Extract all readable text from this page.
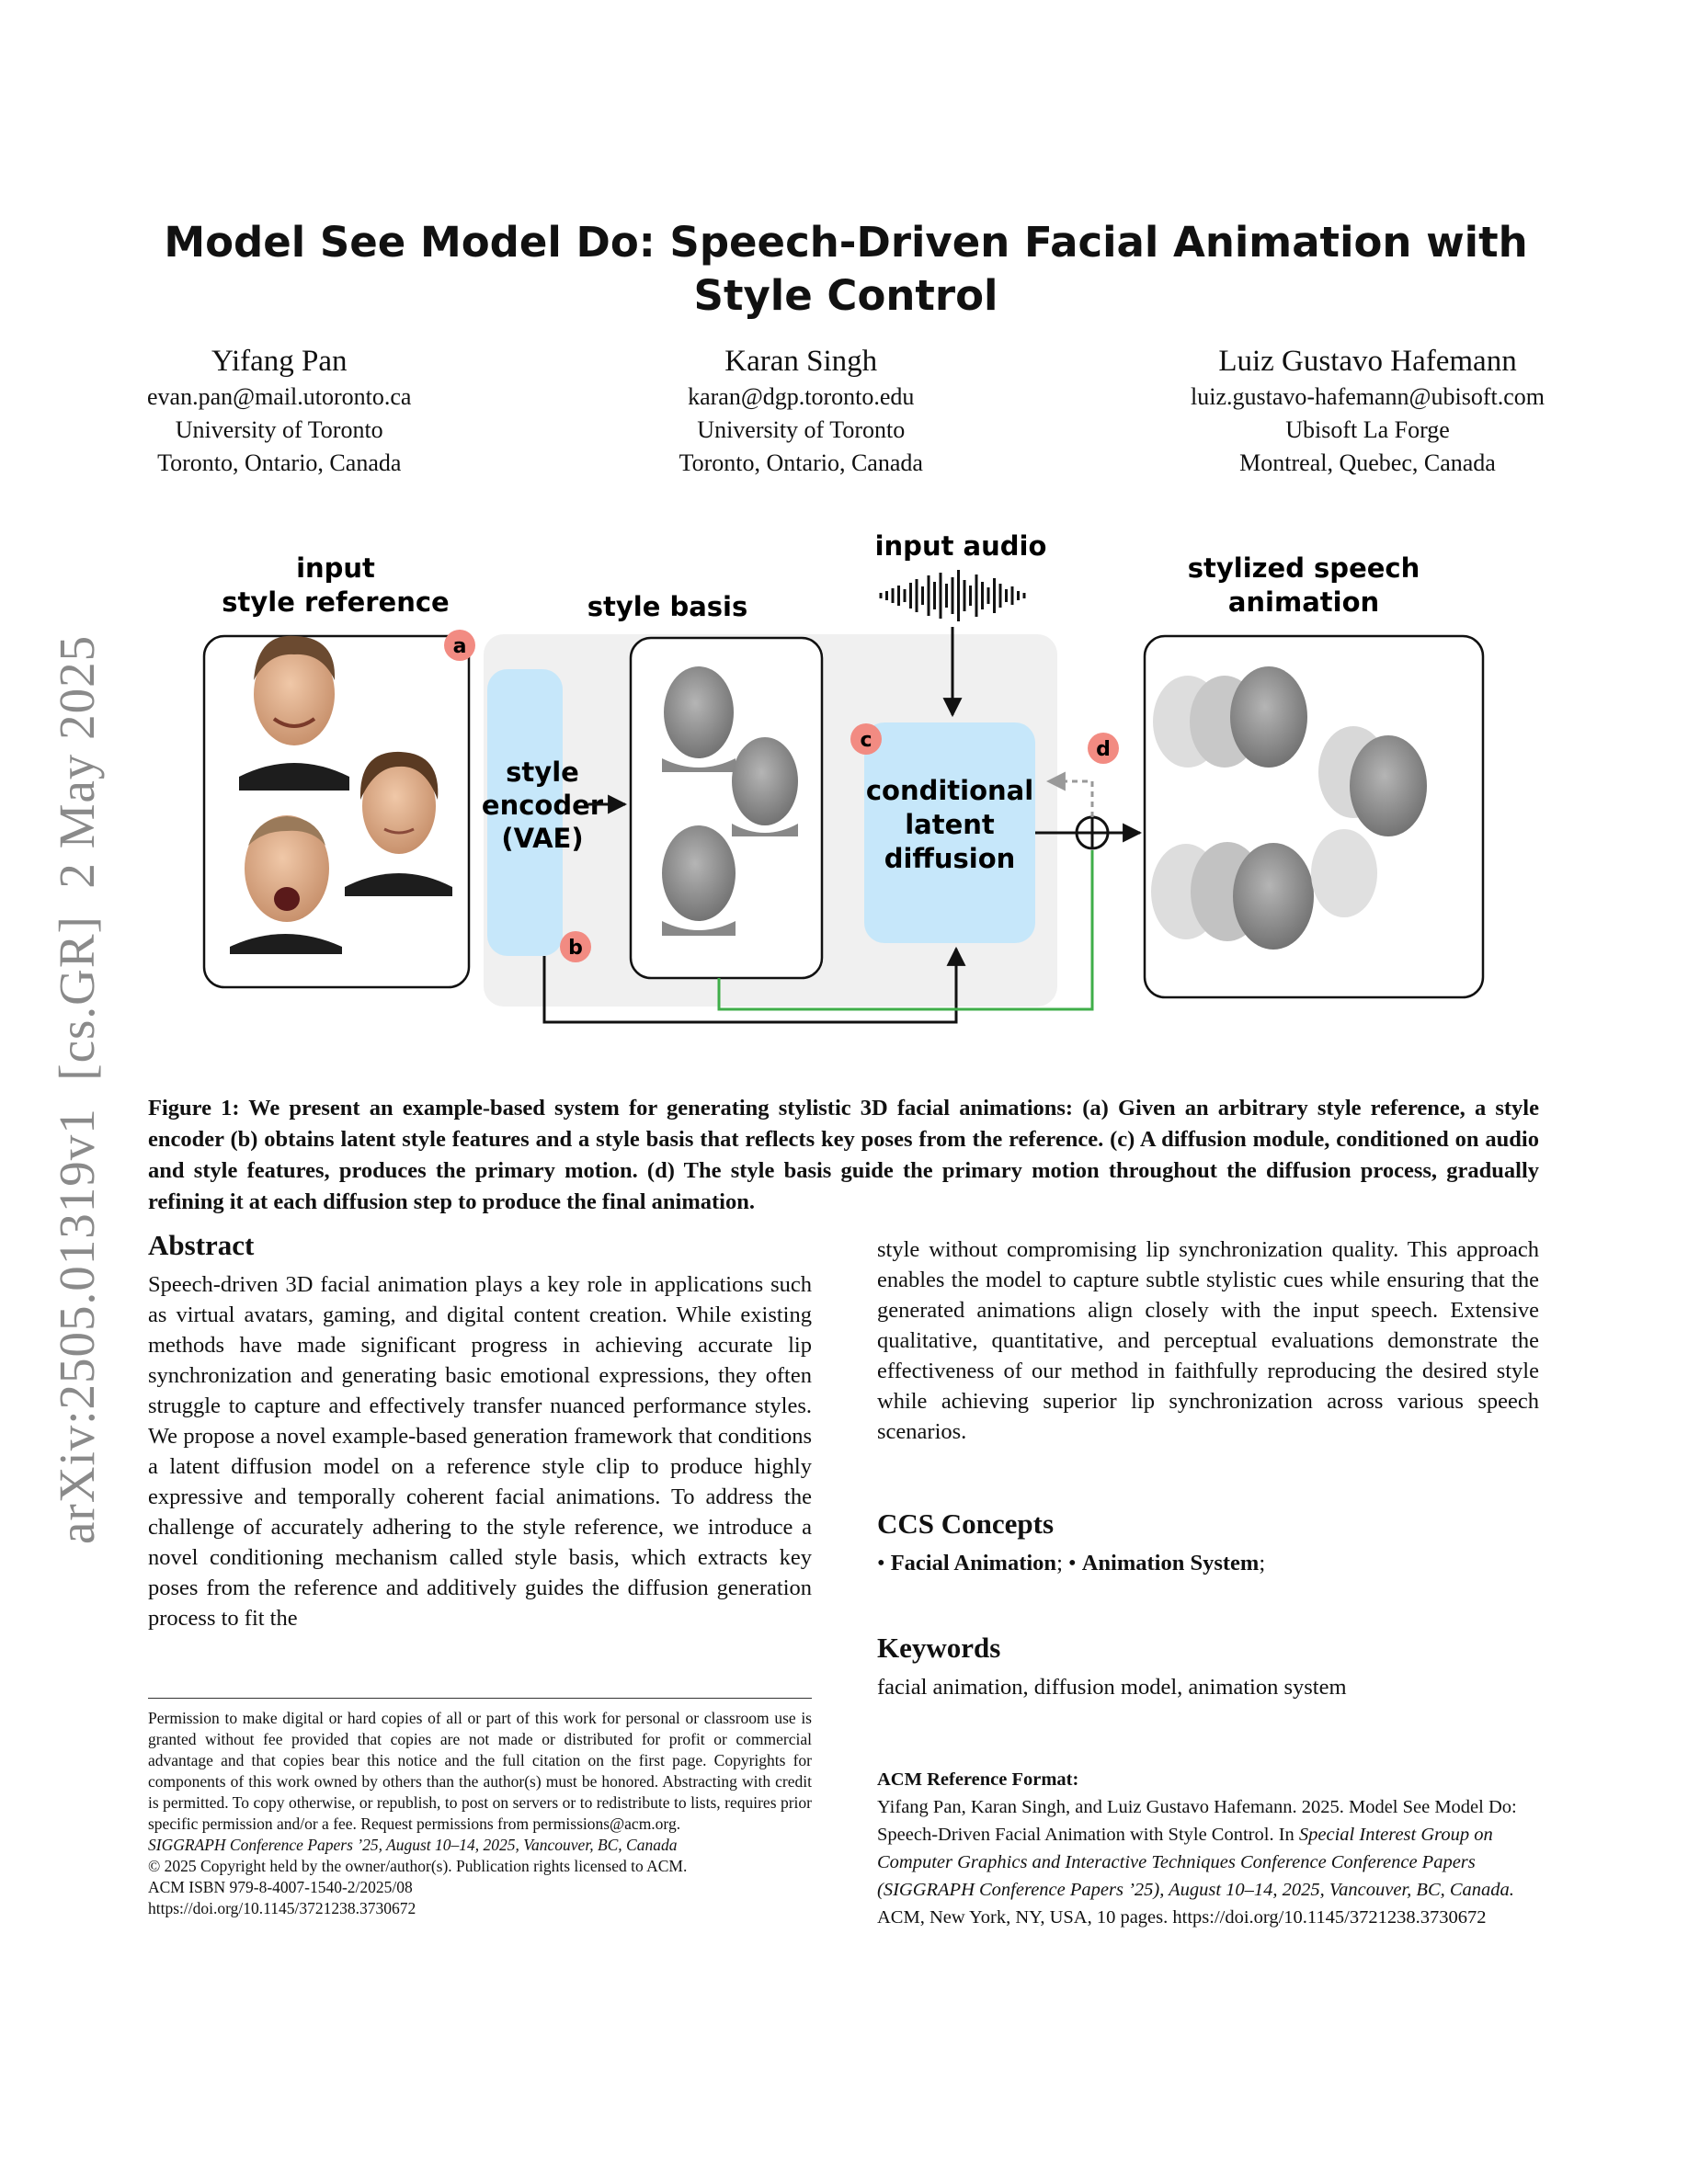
arXiv:2505.01319v1  [cs.GR]  2 May 2025
Model See Model Do: Speech-Driven Facial Animation with Style Control
Yifang Pan
evan.pan@mail.utoronto.ca
University of Toronto
Toronto, Ontario, Canada
Karan Singh
karan@dgp.toronto.edu
University of Toronto
Toronto, Ontario, Canada
Luiz Gustavo Hafemann
luiz.gustavo-hafemann@ubisoft.com
Ubisoft La Forge
Montreal, Quebec, Canada
input
style reference
a
style
encoder
(VAE)
b
style basis
input audio
conditional
latent
diffusion
c	d
stylized speech
animation
Figure 1: We present an example-based system for generating stylistic 3D facial animations: (a) Given an arbitrary style reference, a style encoder (b) obtains latent style features and a style basis that reflects key poses from the reference. (c) A diffusion module, conditioned on audio and style features, produces the primary motion. (d) The style basis guide the primary motion throughout the diffusion process, gradually refining it at each diffusion step to produce the final animation.
Abstract

Speech-driven 3D facial animation plays a key role in applications such as virtual avatars, gaming, and digital content creation. While existing methods have made significant progress in achieving accurate lip synchronization and generating basic emotional expressions, they often struggle to capture and effectively transfer nuanced performance styles. We propose a novel example-based generation framework that conditions a latent diffusion model on a reference style clip to produce highly expressive and temporally coherent facial animations. To address the challenge of accurately adhering to the style reference, we introduce a novel conditioning mechanism called style basis, which extracts key poses from the reference and additively guides the diffusion generation process to fit the

style without compromising lip synchronization quality. This approach enables the model to capture subtle stylistic cues while ensuring that the generated animations align closely with the input speech. Extensive qualitative, quantitative, and perceptual evaluations demonstrate the effectiveness of our method in faithfully reproducing the desired style while achieving superior lip synchronization across various speech scenarios.

CCS Concepts

• Facial Animation; • Animation System;

Keywords

facial animation, diffusion model, animation system

Permission to make digital or hard copies of all or part of this work for personal or classroom use is granted without fee provided that copies are not made or distributed for profit or commercial advantage and that copies bear this notice and the full citation on the first page. Copyrights for components of this work owned by others than the author(s) must be honored. Abstracting with credit is permitted. To copy otherwise, or republish, to post on servers or to redistribute to lists, requires prior specific permission and/or a fee. Request permissions from permissions@acm.org.

SIGGRAPH Conference Papers ’25, August 10–14, 2025, Vancouver, BC, Canada

© 2025 Copyright held by the owner/author(s). Publication rights licensed to ACM.

ACM ISBN 979-8-4007-1540-2/2025/08

https://doi.org/10.1145/3721238.3730672

ACM Reference Format:
Yifang Pan, Karan Singh, and Luiz Gustavo Hafemann. 2025. Model See Model Do: Speech-Driven Facial Animation with Style Control. In Special Interest Group on Computer Graphics and Interactive Techniques Conference Conference Papers (SIGGRAPH Conference Papers ’25), August 10–14, 2025, Vancouver, BC, Canada. ACM, New York, NY, USA, 10 pages. https://doi.org/10.1145/3721238.3730672
